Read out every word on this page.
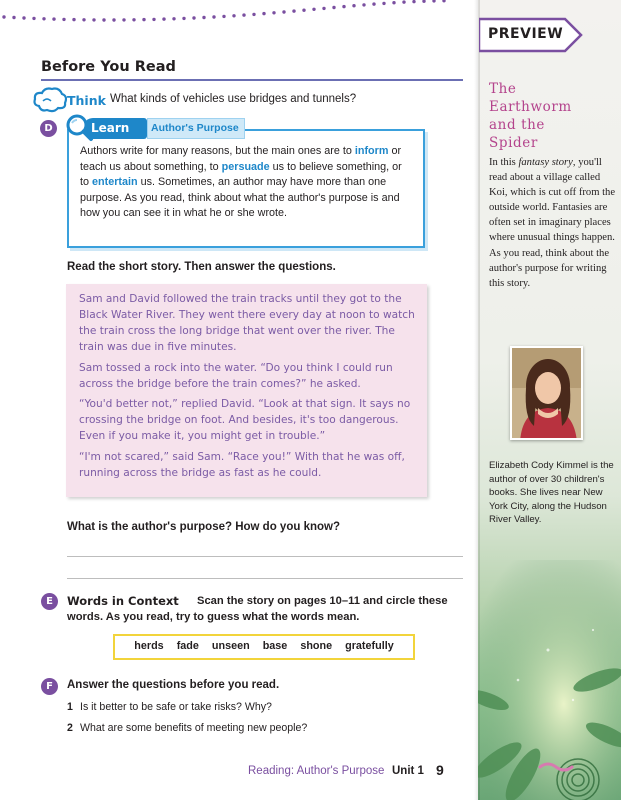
PREVIEW
The
Earthworm
and the
Spider
In this fantasy story, you'll read about a village called Koi, which is cut off from the outside world. Fantasies are often set in imaginary places where unusual things happen. As you read, think about the author's purpose for writing this story.
Elizabeth Cody Kimmel is the author of over 30 children's books. She lives near New York City, along the Hudson River Valley.
Before You Read
Think What kinds of vehicles use bridges and tunnels?
D	Learn Author's Purpose
Authors write for many reasons, but the main ones are to inform or teach us about something, to persuade us to believe something, or to entertain us. Sometimes, an author may have more than one purpose. As you read, think about what the author's purpose is and how you can see it in what he or she wrote.
Read the short story. Then answer the questions.

Sam and David followed the train tracks until they got to the Black Water River. They went there every day at noon to watch the train cross the long bridge that went over the river. The train was due in five minutes.

Sam tossed a rock into the water. “Do you think I could run across the bridge before the train comes?” he asked.

“You'd better not,” replied David. “Look at that sign. It says no crossing the bridge on foot. And besides, it's too dangerous. Even if you make it, you might get in trouble.”

“I'm not scared,” said Sam. “Race you!” With that he was off, running across the bridge as fast as he could.

What is the author's purpose? How do you know?
E	Scan the story on pages 10–11 and circle these words. As you read, try to guess what the words mean.
Words in Context
herds fade unseen base shone gratefully
F	Answer the questions before you read.
1 Is it better to be safe or take risks? Why?
2 What are some benefits of meeting new people?
Reading: Author's Purpose Unit 1 9
